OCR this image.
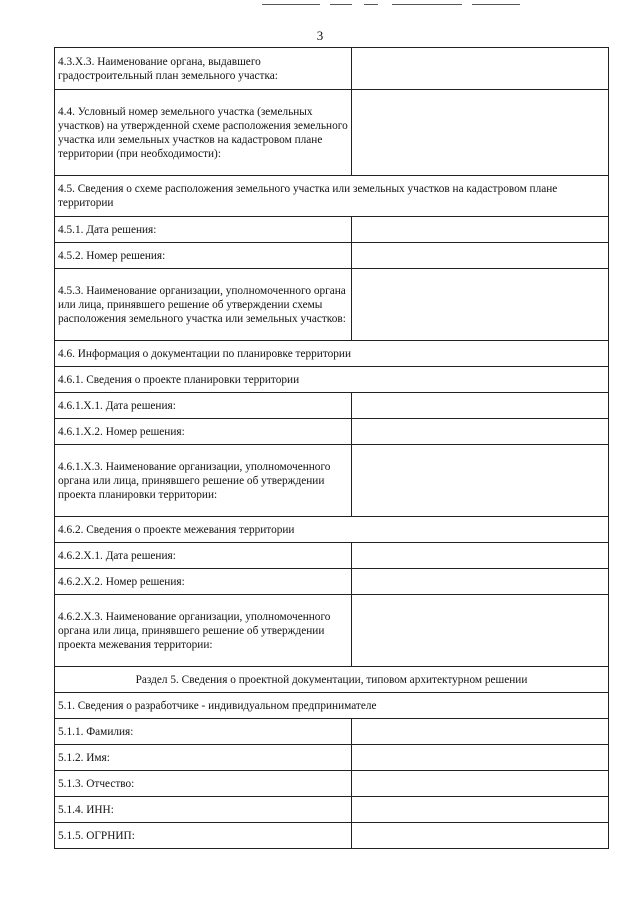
3
4.3.X.3. Наименование органа, выдавшего градостроительный план земельного участка:	
4.4. Условный номер земельного участка (земельных участков) на утвержденной схеме расположения земельного участка или земельных участков на кадастровом плане территории (при необходимости):	
4.5. Сведения о схеме расположения земельного участка или земельных участков на кадастровом плане территории	
4.5.1. Дата решения:	
4.5.2. Номер решения:	
4.5.3. Наименование организации, уполномоченного органа или лица, принявшего решение об утверждении схемы расположения земельного участка или земельных участков:	
4.6. Информация о документации по планировке территории	
4.6.1. Сведения о проекте планировки территории	
4.6.1.X.1. Дата решения:	
4.6.1.X.2. Номер решения:	
4.6.1.X.3. Наименование организации, уполномоченного органа или лица, принявшего решение об утверждении проекта планировки территории:	
4.6.2. Сведения о проекте межевания территории	
4.6.2.X.1. Дата решения:	
4.6.2.X.2. Номер решения:	
4.6.2.X.3. Наименование организации, уполномоченного органа или лица, принявшего решение об утверждении проекта межевания территории:	
Раздел 5. Сведения о проектной документации, типовом архитектурном решении	
5.1. Сведения о разработчике - индивидуальном предпринимателе	
5.1.1. Фамилия:	
5.1.2. Имя:	
5.1.3. Отчество:	
5.1.4. ИНН:	
5.1.5. ОГРНИП:	
